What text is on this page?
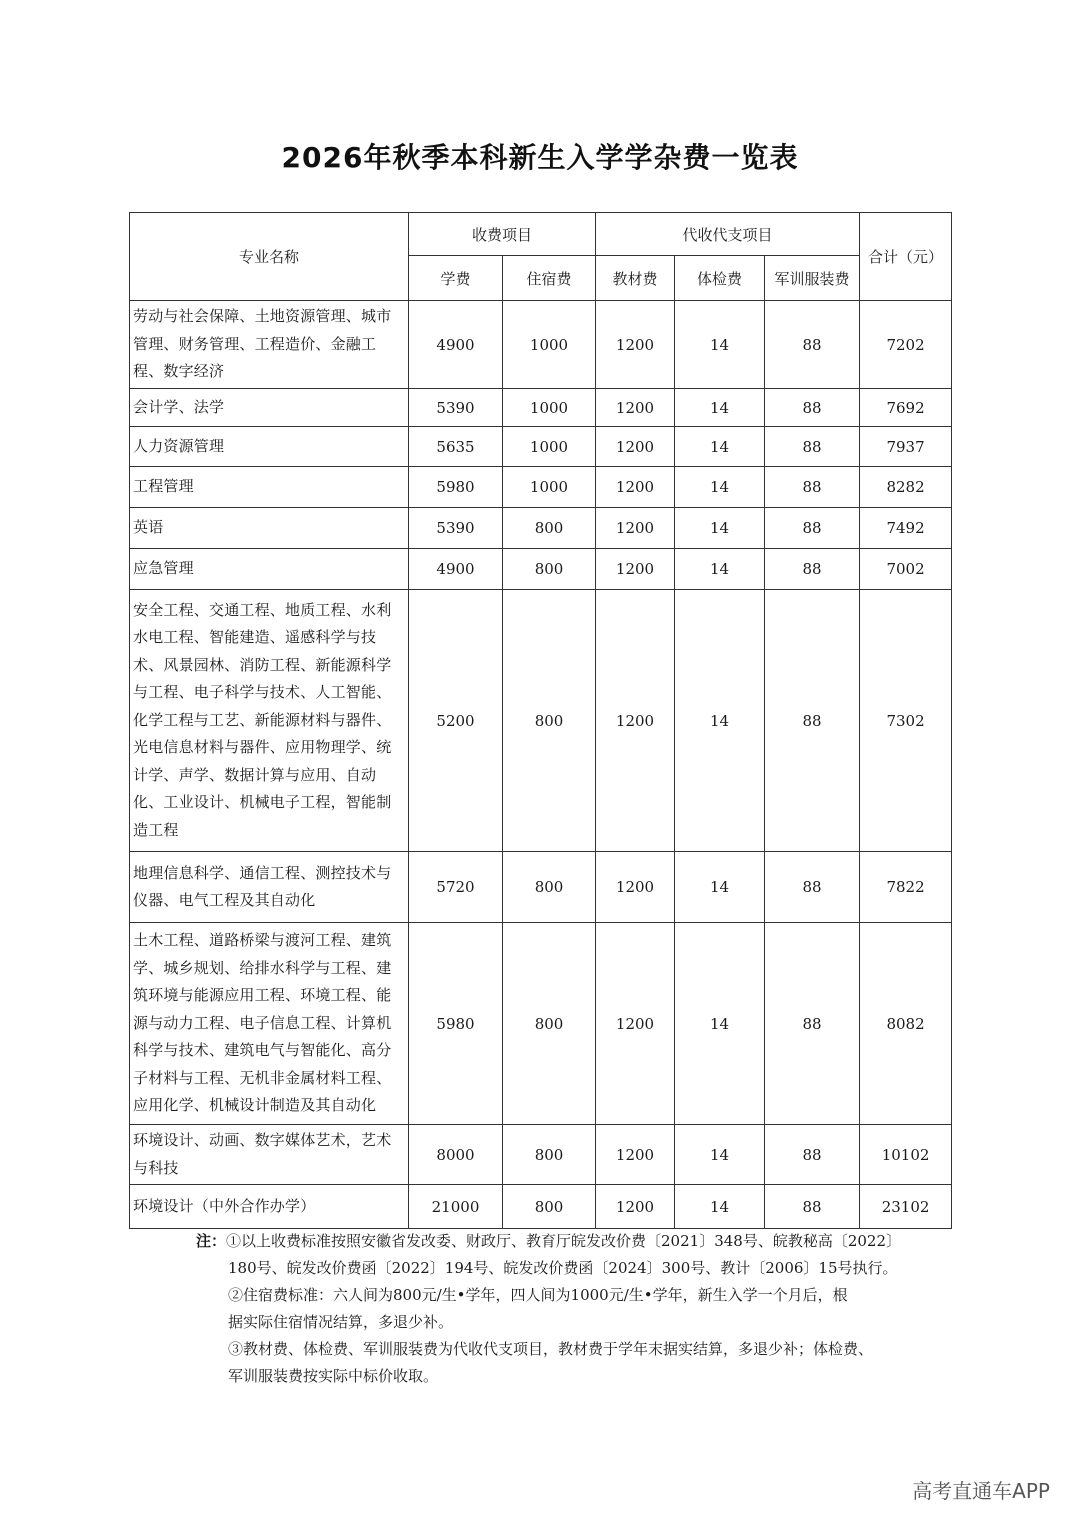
2026年秋季本科新生入学学杂费一览表
专业名称	收费项目		代收代支项目			合计（元）
	学费	住宿费	教材费	体检费	军训服装费	
劳动与社会保障、土地资源管理、城市管理、财务管理、工程造价、金融工程、数字经济	4900	1000	1200	14	88	7202
会计学、法学	5390	1000	1200	14	88	7692
人力资源管理	5635	1000	1200	14	88	7937
工程管理	5980	1000	1200	14	88	8282
英语	5390	800	1200	14	88	7492
应急管理	4900	800	1200	14	88	7002
安全工程、交通工程、地质工程、水利水电工程、智能建造、遥感科学与技术、风景园林、消防工程、新能源科学与工程、电子科学与技术、人工智能、化学工程与工艺、新能源材料与器件、光电信息材料与器件、应用物理学、统计学、声学、数据计算与应用、自动化、工业设计、机械电子工程，智能制造工程	5200	800	1200	14	88	7302
地理信息科学、通信工程、测控技术与仪器、电气工程及其自动化	5720	800	1200	14	88	7822
土木工程、道路桥梁与渡河工程、建筑学、城乡规划、给排水科学与工程、建筑环境与能源应用工程、环境工程、能源与动力工程、电子信息工程、计算机科学与技术、建筑电气与智能化、高分子材料与工程、无机非金属材料工程、应用化学、机械设计制造及其自动化	5980	800	1200	14	88	8082
环境设计、动画、数字媒体艺术，艺术与科技	8000	800	1200	14	88	10102
环境设计（中外合作办学）	21000	800	1200	14	88	23102
注：①以上收费标准按照安徽省发改委、财政厅、教育厅皖发改价费〔2021〕348号、皖教秘高〔2022〕
180号、皖发改价费函〔2022〕194号、皖发改价费函〔2024〕300号、教计〔2006〕15号执行。
②住宿费标准：六人间为800元/生•学年，四人间为1000元/生•学年，新生入学一个月后，根
据实际住宿情况结算，多退少补。
③教材费、体检费、军训服装费为代收代支项目，教材费于学年末据实结算，多退少补；体检费、
军训服装费按实际中标价收取。
高考直通车APP
